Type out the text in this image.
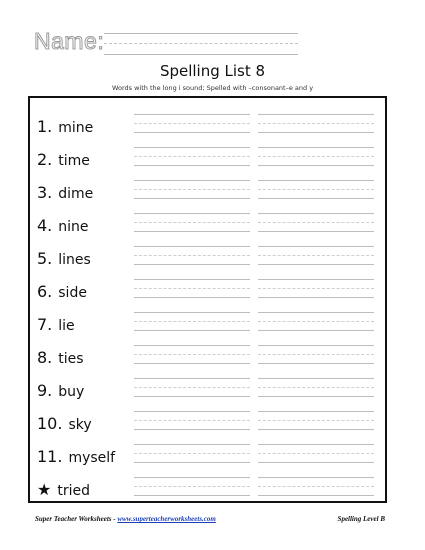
Name:
Spelling List 8
Words with the long i sound; Spelled with –consonant–e and y
1. mine
2. time
3. dime
4. nine
5. lines
6. side
7. lie
8. ties
9. buy
10. sky
11. myself
★ tried
Super Teacher Worksheets - www.superteacherworksheets.com	Spelling Level B
